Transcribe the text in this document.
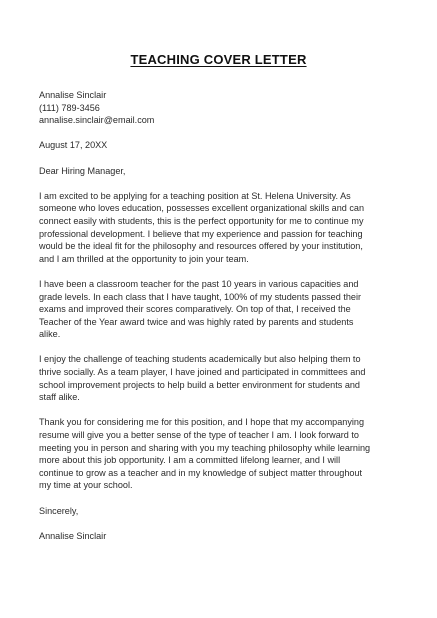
TEACHING COVER LETTER

Annalise Sinclair

(111) 789-3456

annalise.sinclair@email.com

August 17, 20XX

Dear Hiring Manager,

I am excited to be applying for a teaching position at St. Helena University. As
someone who loves education, possesses excellent organizational skills and can
connect easily with students, this is the perfect opportunity for me to continue my
professional development. I believe that my experience and passion for teaching
would be the ideal fit for the philosophy and resources offered by your institution,
and I am thrilled at the opportunity to join your team.
I have been a classroom teacher for the past 10 years in various capacities and
grade levels. In each class that I have taught, 100% of my students passed their
exams and improved their scores comparatively. On top of that, I received the
Teacher of the Year award twice and was highly rated by parents and students
alike.
I enjoy the challenge of teaching students academically but also helping them to
thrive socially. As a team player, I have joined and participated in committees and
school improvement projects to help build a better environment for students and
staff alike.
Thank you for considering me for this position, and I hope that my accompanying
resume will give you a better sense of the type of teacher I am. I look forward to
meeting you in person and sharing with you my teaching philosophy while learning
more about this job opportunity. I am a committed lifelong learner, and I will
continue to grow as a teacher and in my knowledge of subject matter throughout
my time at your school.

Sincerely,

Annalise Sinclair
